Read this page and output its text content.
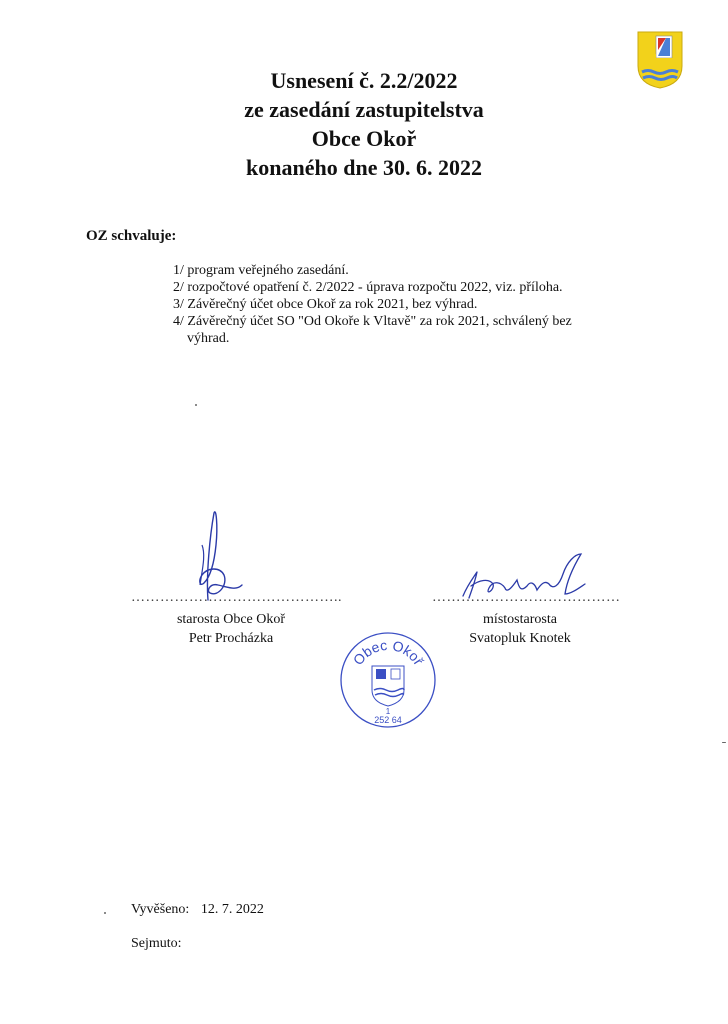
Usnesení č. 2.2/2022
ze zasedání zastupitelstva
Obce Okoř
konaného dne 30. 6. 2022
OZ schvaluje:
1/ program veřejného zasedání.
2/ rozpočtové opatření č. 2/2022 - úprava rozpočtu 2022, viz. příloha.
3/ Závěrečný účet obce Okoř za rok 2021, bez výhrad.
4/ Závěrečný účet SO "Od Okoře k Vltavě" za rok 2021, schválený bez
výhrad.
……………………………………..
starosta Obce Okoř
Petr Procházka
…………………………………
místostarosta
Svatopluk Knotek
Obec Okoř
1
252 64
Vyvěšeno: 12. 7. 2022
Sejmuto:
